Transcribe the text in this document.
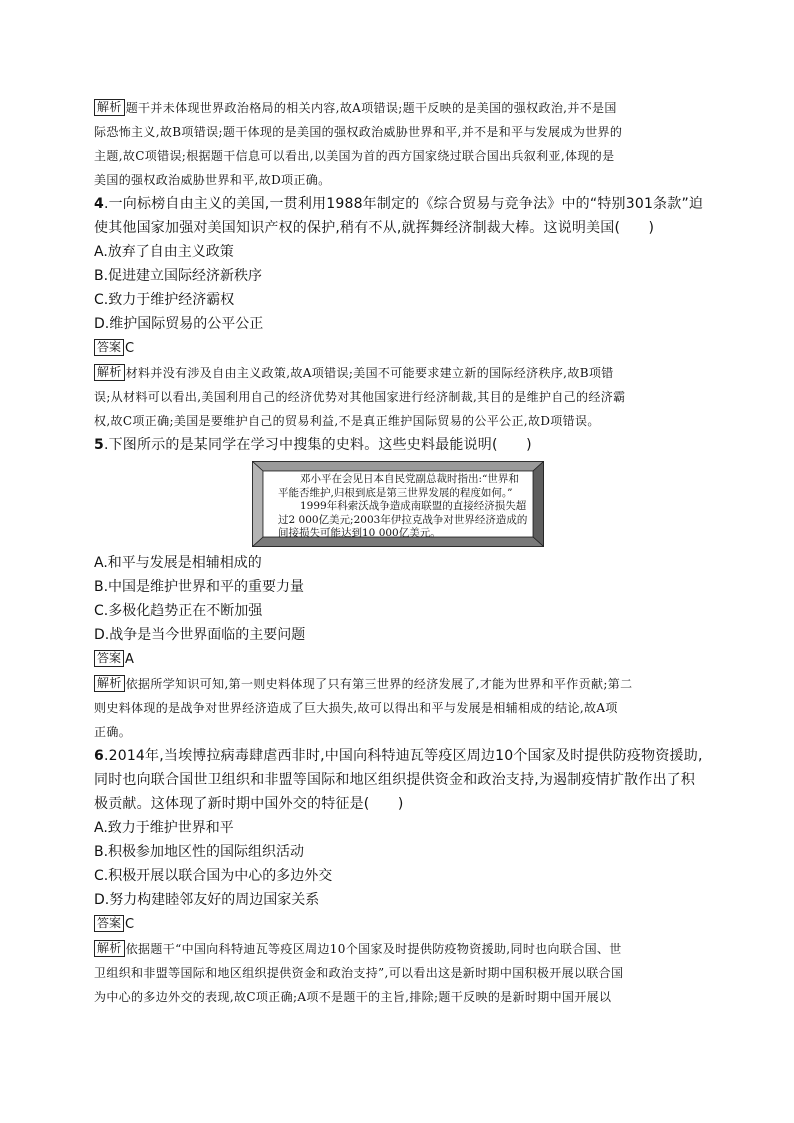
解析 题干并未体现世界政治格局的相关内容,故A项错误;题干反映的是美国的强权政治,并不是国
际恐怖主义,故B项错误;题干体现的是美国的强权政治威胁世界和平,并不是和平与发展成为世界的
主题,故C项错误;根据题干信息可以看出,以美国为首的西方国家绕过联合国出兵叙利亚,体现的是
美国的强权政治威胁世界和平,故D项正确。
4.一向标榜自由主义的美国,一贯利用1988年制定的《综合贸易与竞争法》中的“特别301条款”迫
使其他国家加强对美国知识产权的保护,稍有不从,就挥舞经济制裁大棒。这说明美国(　　)
A.放弃了自由主义政策
B.促进建立国际经济新秩序
C.致力于维护经济霸权
D.维护国际贸易的公平公正
答案 C
解析 材料并没有涉及自由主义政策,故A项错误;美国不可能要求建立新的国际经济秩序,故B项错
误;从材料可以看出,美国利用自己的经济优势对其他国家进行经济制裁,其目的是维护自己的经济霸
权,故C项正确;美国是要维护自己的贸易利益,不是真正维护国际贸易的公平公正,故D项错误。
5.下图所示的是某同学在学习中搜集的史料。这些史料最能说明(　　)

邓小平在会见日本自民党副总裁时指出:“世界和

平能否维护,归根到底是第三世界发展的程度如何。”

1999年科索沃战争造成南联盟的直接经济损失超

过2 000亿美元;2003年伊拉克战争对世界经济造成的

间接损失可能达到10 000亿美元。

A.和平与发展是相辅相成的
B.中国是维护世界和平的重要力量
C.多极化趋势正在不断加强
D.战争是当今世界面临的主要问题
答案 A
解析 依据所学知识可知,第一则史料体现了只有第三世界的经济发展了,才能为世界和平作贡献;第二
则史料体现的是战争对世界经济造成了巨大损失,故可以得出和平与发展是相辅相成的结论,故A项
正确。
6.2014年,当埃博拉病毒肆虐西非时,中国向科特迪瓦等疫区周边10个国家及时提供防疫物资援助,
同时也向联合国世卫组织和非盟等国际和地区组织提供资金和政治支持,为遏制疫情扩散作出了积
极贡献。这体现了新时期中国外交的特征是(　　)
A.致力于维护世界和平
B.积极参加地区性的国际组织活动
C.积极开展以联合国为中心的多边外交
D.努力构建睦邻友好的周边国家关系
答案 C
解析 依据题干“中国向科特迪瓦等疫区周边10个国家及时提供防疫物资援助,同时也向联合国、世
卫组织和非盟等国际和地区组织提供资金和政治支持”,可以看出这是新时期中国积极开展以联合国
为中心的多边外交的表现,故C项正确;A项不是题干的主旨,排除;题干反映的是新时期中国开展以
